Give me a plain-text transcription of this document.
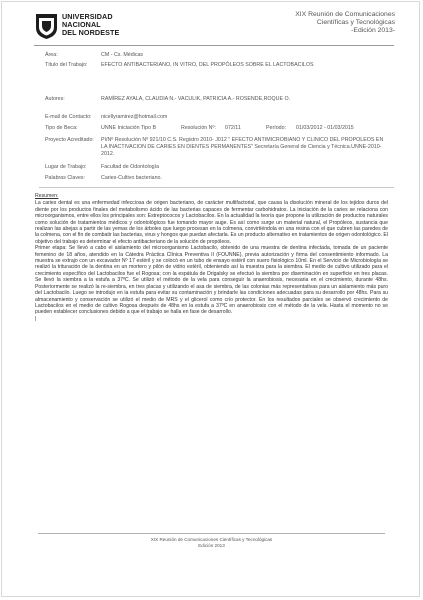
UNIVERSIDAD
NACIONAL
DEL NORDESTE
XIX Reunión de Comunicaciones
Científicas y Tecnológicas
-Edición 2013-
Área:	CM - Cs. Médicas
Título del Trabajo:	EFECTO ANTIBACTERIANO, IN VITRO, DEL PROPÓLEOS SOBRE EL LACTOBACILOS
Autores:	RAMÍREZ AYALA, CLAUDIA N.- VACULIK, PATRICIA A.- ROSENDE,ROQUE O.
E-mail de Contacto: nicellyramirez@hotmail.com
Tipo de Beca:	UNNE Iniciación Tipo B	Resolución Nº: 072/11	Período: 01/03/2012 - 01/03/2015
Proyecto Acreditado: PI/Nº Resolución Nº 921/10 C.S. Registro 2010- J012 " EFECTO ANTIMICROBIANO Y CLINICO DEL PROPOLEOS EN LA INACTIVACION DE CARIES EN DIENTES PERMANENTES" Secretaría General de Ciencia y Técnica.UNNE-2010-2012.
Lugar de Trabajo:	Facultad de Odontología
Palabras Claves:	Caries-Cultivo bacteriano.
Resumen:

La caries dental es una enfermedad infecciosa de origen bacteriano, de carácter multifactorial, que causa la disolución mineral de los tejidos duros del diente por los productos finales del metabolismo ácido de las bacterias capaces de fermentar carbohidratos. La iniciación de la caries se relaciona con microorganismos, entre ellos los principales son: Estreptococos y Lactobacilos. En la actualidad la teoría que propone la utilización de productos naturales como solución de tratamientos médicos y odontológicos fue tomando mayor auge. Es así como surge un material natural, el Propóleos, sustancia que realizan las abejas a partir de las yemas de los árboles que luego procesan en la colmena, convirtiéndola en una resina con el que cubren las paredes de la colmena, con el fin de combatir las bacterias, virus y hongos que puedan afectarla. Es un producto alternativo en tratamientos de origen odontológico. El objetivo del trabajo es determinar el efecto antibacteriano de la solución de propóleos.

Primer etapa: Se llevó a cabo el aislamiento del microorganismo Lactobacilo, obtenido de una muestra de dentina infectada, tomada de un paciente femenino de 18 años, atendido en la Cátedra Práctica Clínica Preventiva II (FOUNNE), previa autorización y firma del consentimiento informado. La muestra se extrajo con un excavador Nº 17 estéril y se colocó en un tubo de ensayo estéril con suero fisiológico 10ml. En el Servicio de Microbiología se realizó la trituración de la dentina en un mortero y pilón de vidrio estéril, obteniendo así la muestra para la siembra. El medio de cultivo utilizado para el crecimiento específico del Lactobacilos fue el Rogosa; con la espátula de Drigalsky se efectuó la siembra por diseminación en superficie en tres placas. Se llevó la siembra a la estufa a 37ºC. Se utilizó el método de la vela para conseguir la anaerobiosis, necesaria en el crecimiento, durante 48hs. Posteriormente se realizó la re-siembra, en tres placas y utilizando el asa de siembra, de las colonias más representativas para un aislamiento más puro del Lactobacilo. Luego se introdujo en la estufa para evitar su contaminación y brindarle las condiciones adecuadas para su desarrollo por 48hs. Para su almacenamiento y conservación se utilizó el medio de MRS y el glicerol como crio protector. En los resultados parciales se observó crecimiento de Lactobacilos en el medio de cultivo Rogosa después de 48hs en la estufa a 37ºC en anaerobiosis con el método de la vela. Hasta el momento no se pueden establecer conclusiones debido a que el trabajo se halla en fase de desarrollo.

|
XIX Reunión de Comunicaciones Científicas y Tecnológicas
Edición 2013
